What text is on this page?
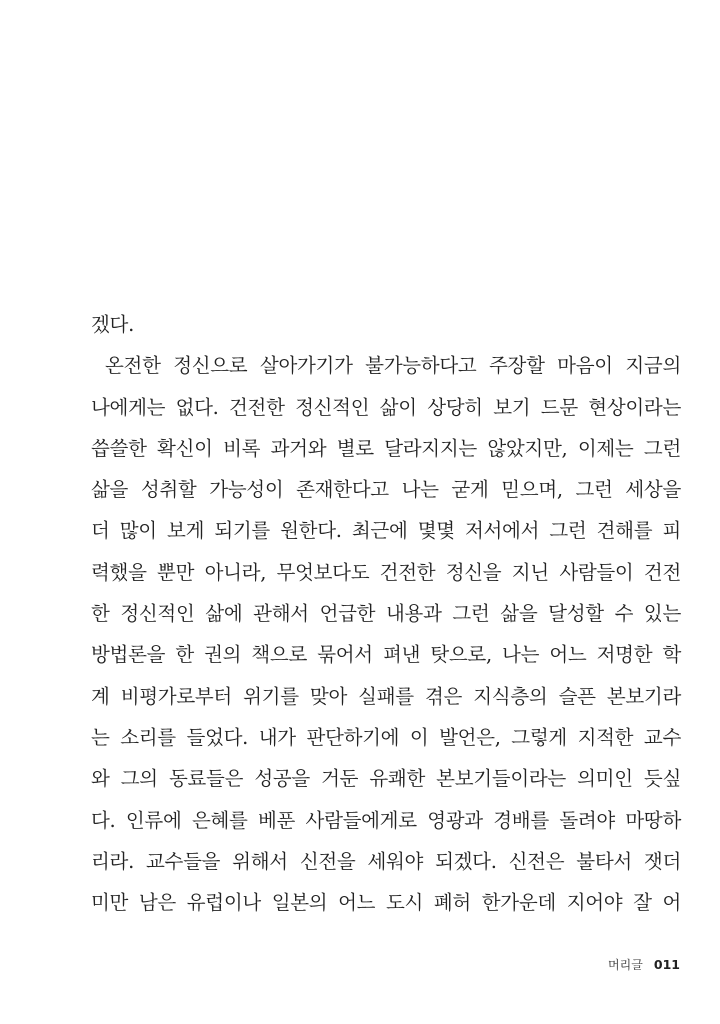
겠다.
온전한 정신으로 살아가기가 불가능하다고 주장할 마음이 지금의
나에게는 없다. 건전한 정신적인 삶이 상당히 보기 드문 현상이라는
씁쓸한 확신이 비록 과거와 별로 달라지지는 않았지만, 이제는 그런
삶을 성취할 가능성이 존재한다고 나는 굳게 믿으며, 그런 세상을
더 많이 보게 되기를 원한다. 최근에 몇몇 저서에서 그런 견해를 피
력했을 뿐만 아니라, 무엇보다도 건전한 정신을 지닌 사람들이 건전
한 정신적인 삶에 관해서 언급한 내용과 그런 삶을 달성할 수 있는
방법론을 한 권의 책으로 묶어서 펴낸 탓으로, 나는 어느 저명한 학
계 비평가로부터 위기를 맞아 실패를 겪은 지식층의 슬픈 본보기라
는 소리를 들었다. 내가 판단하기에 이 발언은, 그렇게 지적한 교수
와 그의 동료들은 성공을 거둔 유쾌한 본보기들이라는 의미인 듯싶
다. 인류에 은혜를 베푼 사람들에게로 영광과 경배를 돌려야 마땅하
리라. 교수들을 위해서 신전을 세워야 되겠다. 신전은 불타서 잿더
미만 남은 유럽이나 일본의 어느 도시 폐허 한가운데 지어야 잘 어
머리글 011
